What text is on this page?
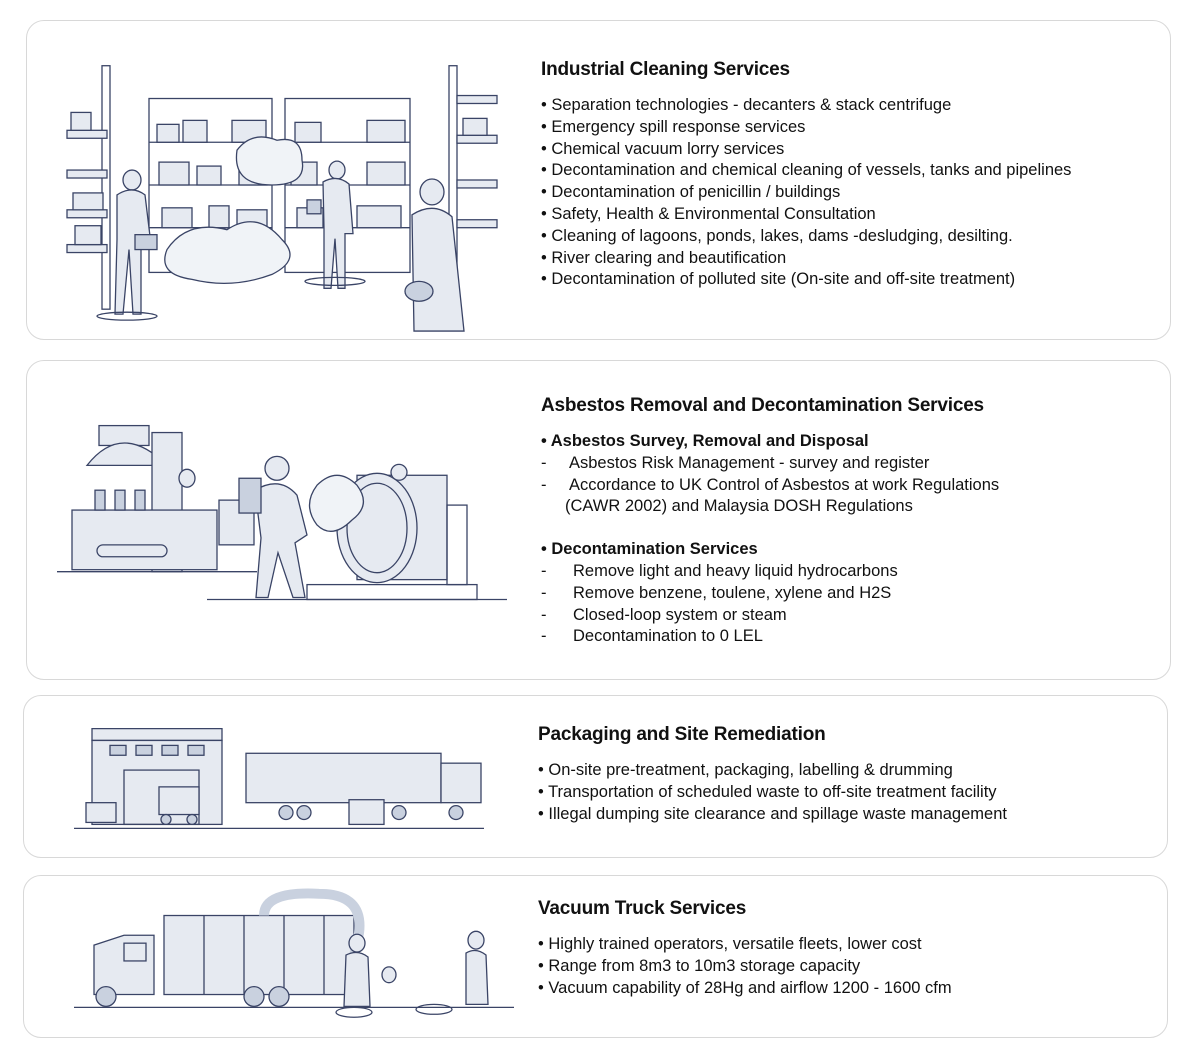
Industrial Cleaning Services
• Separation technologies - decanters & stack centrifuge
• Emergency spill response services
• Chemical vacuum lorry services
• Decontamination and chemical cleaning of vessels, tanks and pipelines
• Decontamination of penicillin / buildings
• Safety, Health & Environmental Consultation
• Cleaning of lagoons, ponds, lakes, dams -desludging, desilting.
• River clearing and beautification
• Decontamination of polluted site (On-site and off-site treatment)
Asbestos Removal and Decontamination Services
• Asbestos Survey, Removal and Disposal
-	Asbestos Risk Management - survey and register
-	Accordance to UK Control of Asbestos at work Regulations
(CAWR 2002) and Malaysia DOSH Regulations
• Decontamination Services
-	Remove light and heavy liquid hydrocarbons
-	Remove benzene, toulene, xylene and H2S
-	Closed-loop system or steam
-	Decontamination to 0 LEL
Packaging and Site Remediation
• On-site pre-treatment, packaging, labelling & drumming
• Transportation of scheduled waste to off-site treatment facility
• Illegal dumping site clearance and spillage waste management
Vacuum Truck Services
• Highly trained operators, versatile fleets, lower cost
• Range from 8m3 to 10m3 storage capacity
• Vacuum capability of 28Hg and airflow 1200 - 1600 cfm
